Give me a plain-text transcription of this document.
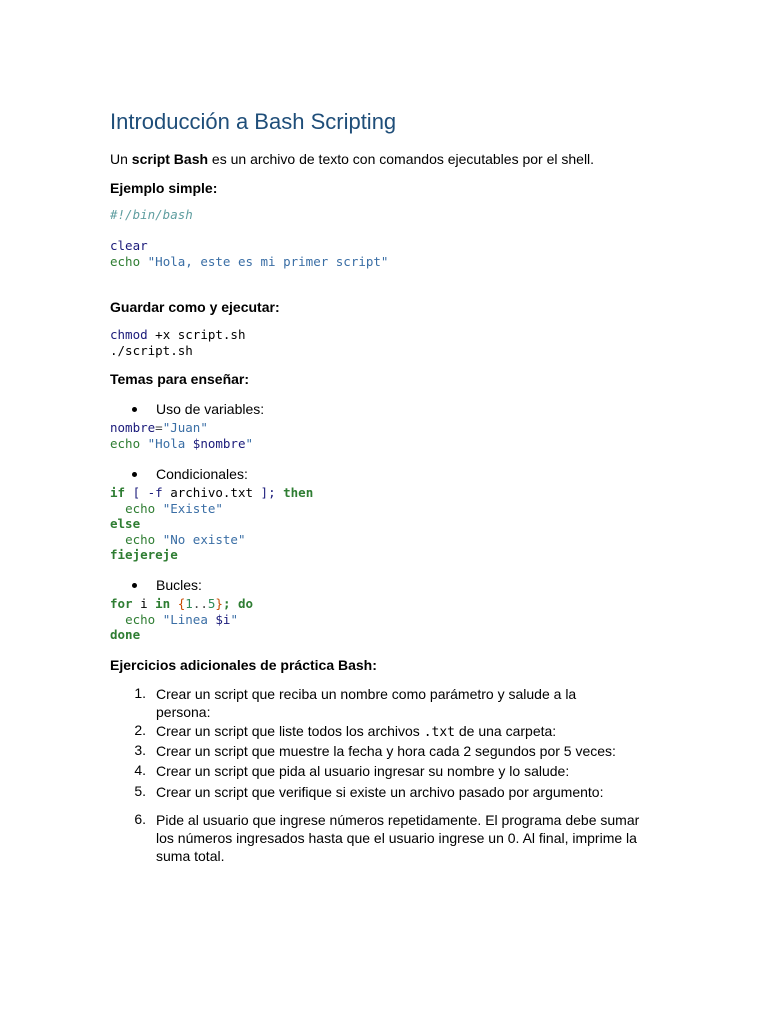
Introducción a Bash Scripting
Un script Bash es un archivo de texto con comandos ejecutables por el shell.
Ejemplo simple:
#!/bin/bash

clear
echo "Hola, este es mi primer script"
Guardar como y ejecutar:
chmod +x script.sh
./script.sh
Temas para enseñar:
Uso de variables:
nombre="Juan"
echo "Hola $nombre"
Condicionales:
if [ -f archivo.txt ]; then
echo "Existe"
else
echo "No existe"
fiejereje
Bucles:
for i in {1..5}; do
echo "Linea $i"
done
Ejercicios adicionales de práctica Bash:
1. Crear un script que reciba un nombre como parámetro y salude a la persona:
2. Crear un script que liste todos los archivos .txt de una carpeta:
3. Crear un script que muestre la fecha y hora cada 2 segundos por 5 veces:
4. Crear un script que pida al usuario ingresar su nombre y lo salude:
5. Crear un script que verifique si existe un archivo pasado por argumento:
6. Pide al usuario que ingrese números repetidamente. El programa debe sumar los números ingresados hasta que el usuario ingrese un 0. Al final, imprime la suma total.
